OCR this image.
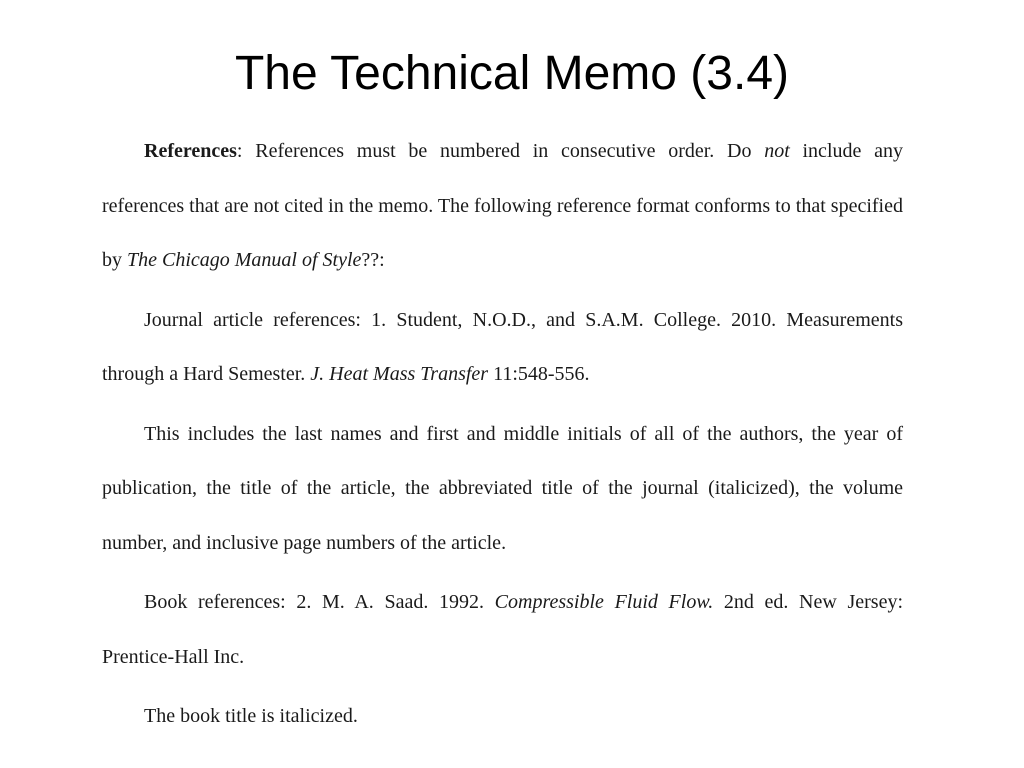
The Technical Memo (3.4)

References: References must be numbered in consecutive order. Do not include any references that are not cited in the memo. The following reference format conforms to that specified by The Chicago Manual of Style??:

Journal article references: 1. Student, N.O.D., and S.A.M. College. 2010. Measurements through a Hard Semester. J. Heat Mass Transfer 11:548-556.

This includes the last names and first and middle initials of all of the authors, the year of publication, the title of the article, the abbreviated title of the journal (italicized), the volume number, and inclusive page numbers of the article.

Book references: 2. M. A. Saad. 1992. Compressible Fluid Flow. 2nd ed. New Jersey: Prentice-Hall Inc.

The book title is italicized.
